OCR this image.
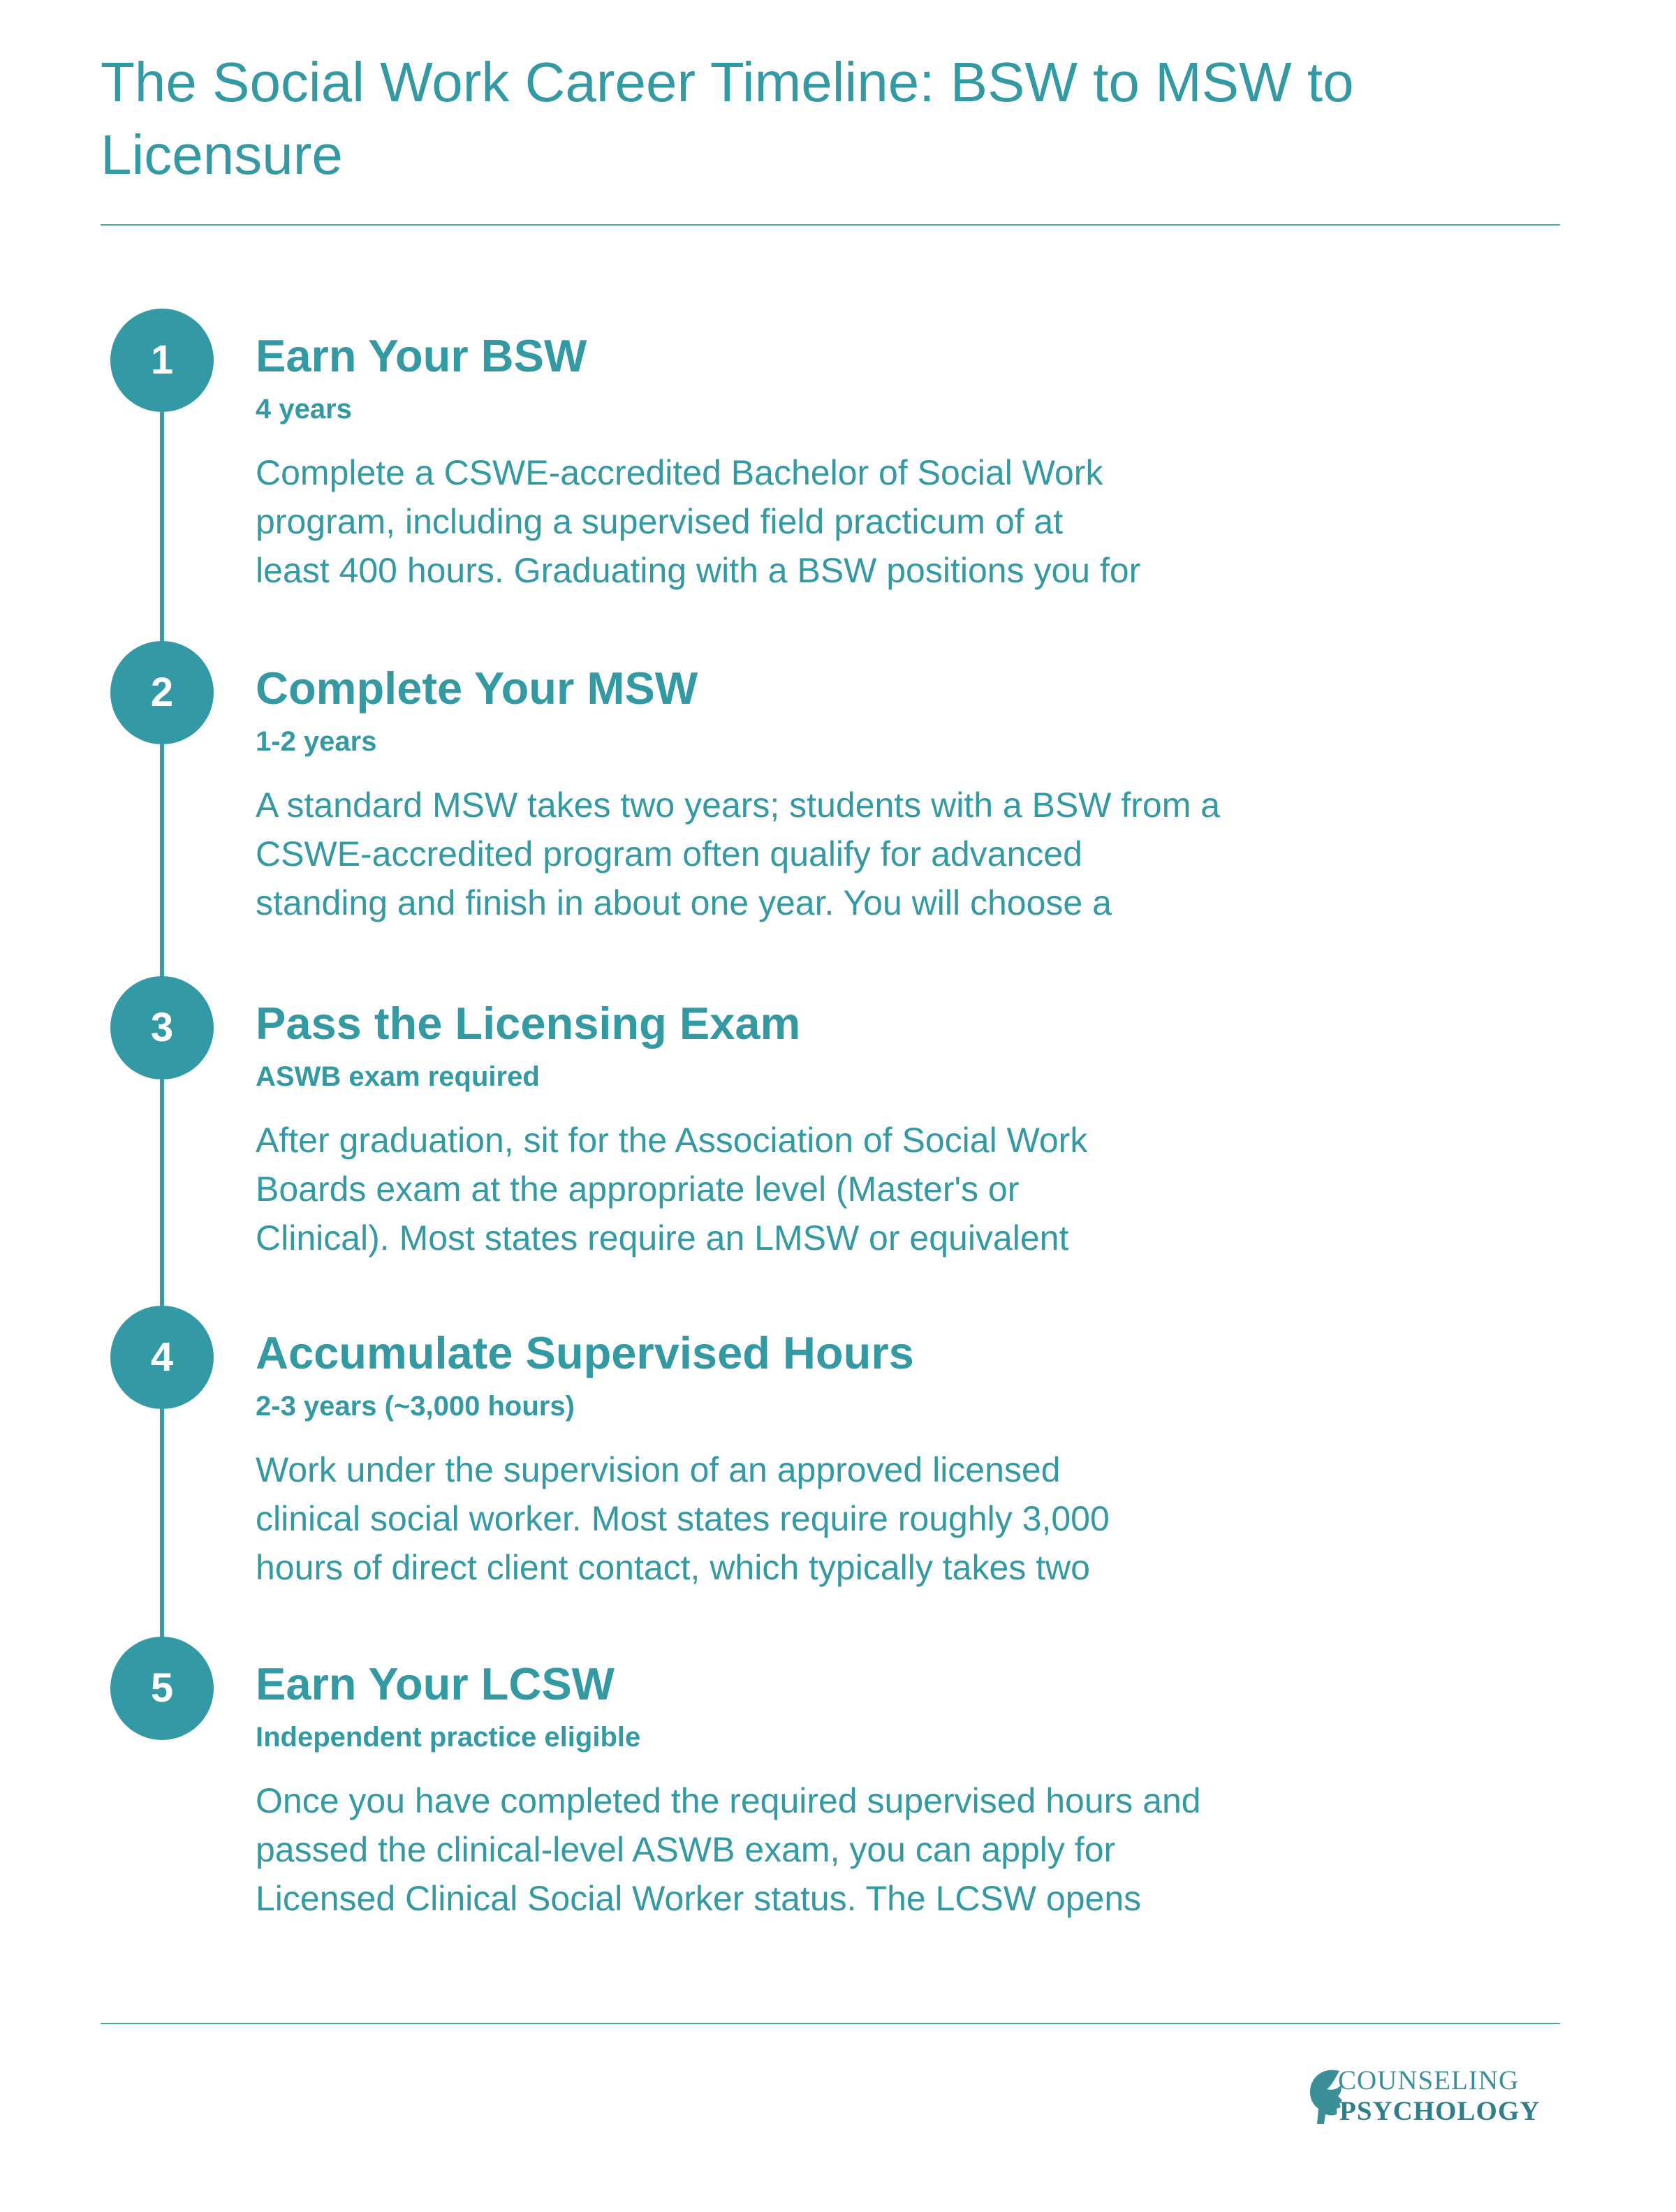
The Social Work Career Timeline: BSW to MSW to Licensure
1	Earn Your BSW
4 years
Complete a CSWE-accredited Bachelor of Social Work
program, including a supervised field practicum of at
least 400 hours. Graduating with a BSW positions you for
2	Complete Your MSW
1-2 years
A standard MSW takes two years; students with a BSW from a
CSWE-accredited program often qualify for advanced
standing and finish in about one year. You will choose a
3	Pass the Licensing Exam
ASWB exam required
After graduation, sit for the Association of Social Work
Boards exam at the appropriate level (Master's or
Clinical). Most states require an LMSW or equivalent
4	Accumulate Supervised Hours
2-3 years (~3,000 hours)
Work under the supervision of an approved licensed
clinical social worker. Most states require roughly 3,000
hours of direct client contact, which typically takes two
5	Earn Your LCSW
Independent practice eligible
Once you have completed the required supervised hours and
passed the clinical-level ASWB exam, you can apply for
Licensed Clinical Social Worker status. The LCSW opens
COUNSELING
PSYCHOLOGY
